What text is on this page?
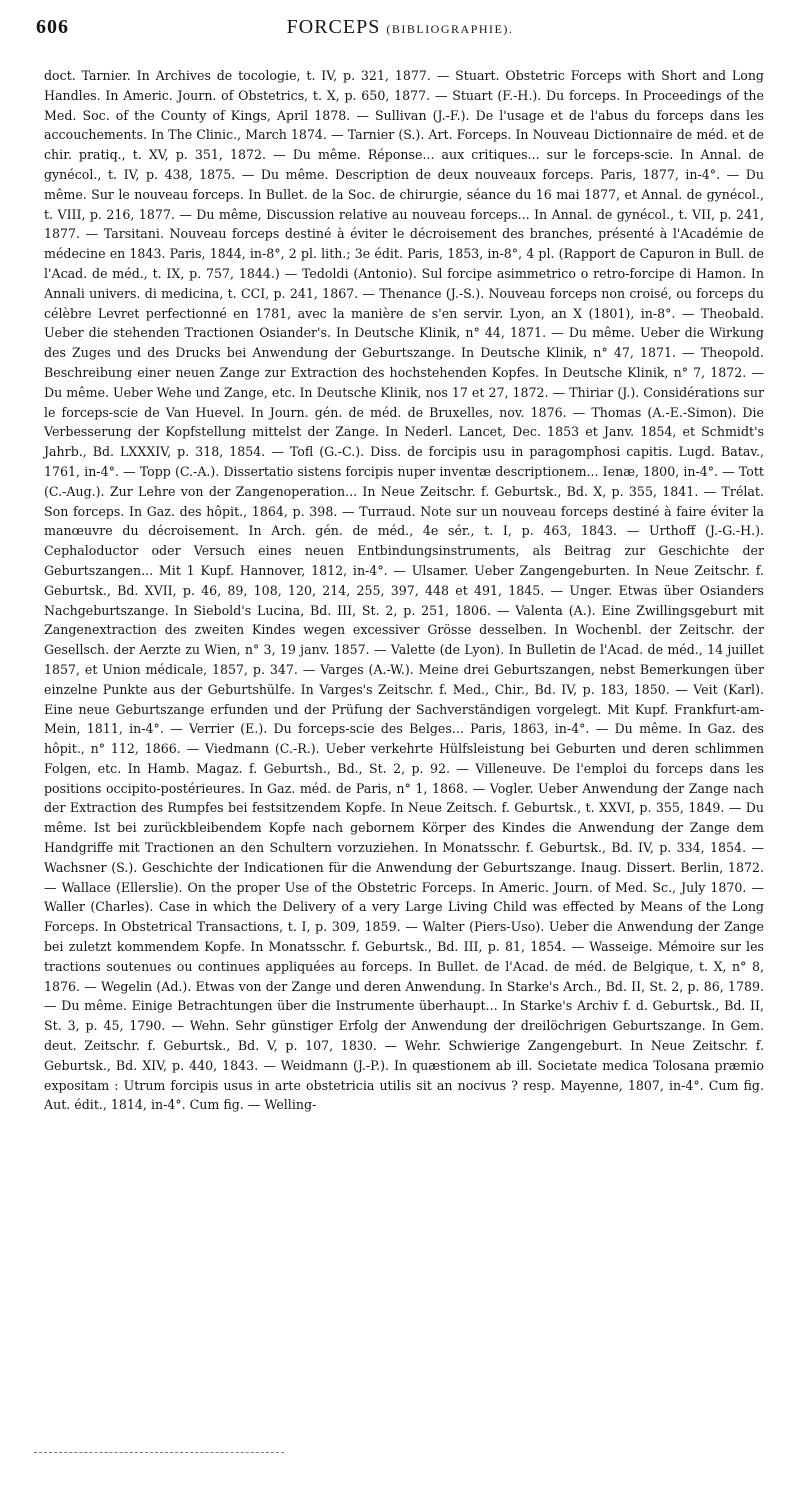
606	FORCEPS (BIBLIOGRAPHIE).

doct. Tarnier. In Archives de tocologie, t. IV, p. 321, 1877. — Stuart. Obstetric Forceps with Short and Long Handles. In Americ. Journ. of Obstetrics, t. X, p. 650, 1877. — Stuart (F.-H.). Du forceps. In Proceedings of the Med. Soc. of the County of Kings, April 1878. — Sullivan (J.-F.). De l'usage et de l'abus du forceps dans les accouchements. In The Clinic., March 1874. — Tarnier (S.). Art. Forceps. In Nouveau Dictionnaire de méd. et de chir. pratiq., t. XV, p. 351, 1872. — Du même. Réponse... aux critiques... sur le forceps-scie. In Annal. de gynécol., t. IV, p. 438, 1875. — Du même. Description de deux nouveaux forceps. Paris, 1877, in-4°. — Du même. Sur le nouveau forceps. In Bullet. de la Soc. de chirurgie, séance du 16 mai 1877, et Annal. de gynécol., t. VIII, p. 216, 1877. — Du même, Discussion relative au nouveau forceps... In Annal. de gynécol., t. VII, p. 241, 1877. — Tarsitani. Nouveau forceps destiné à éviter le décroisement des branches, présenté à l'Académie de médecine en 1843. Paris, 1844, in-8°, 2 pl. lith.; 3e édit. Paris, 1853, in-8°, 4 pl. (Rapport de Capuron in Bull. de l'Acad. de méd., t. IX, p. 757, 1844.) — Tedoldi (Antonio). Sul forcipe asimmetrico o retro-forcipe di Hamon. In Annali univers. di medicina, t. CCI, p. 241, 1867. — Thenance (J.-S.). Nouveau forceps non croisé, ou forceps du célèbre Levret perfectionné en 1781, avec la manière de s'en servir. Lyon, an X (1801), in-8°. — Theobald. Ueber die stehenden Tractionen Osiander's. In Deutsche Klinik, n° 44, 1871. — Du même. Ueber die Wirkung des Zuges und des Drucks bei Anwendung der Geburtszange. In Deutsche Klinik, n° 47, 1871. — Theopold. Beschreibung einer neuen Zange zur Extraction des hochstehenden Kopfes. In Deutsche Klinik, n° 7, 1872. — Du même. Ueber Wehe und Zange, etc. In Deutsche Klinik, nos 17 et 27, 1872. — Thiriar (J.). Considérations sur le forceps-scie de Van Huevel. In Journ. gén. de méd. de Bruxelles, nov. 1876. — Thomas (A.-E.-Simon). Die Verbesserung der Kopfstellung mittelst der Zange. In Nederl. Lancet, Dec. 1853 et Janv. 1854, et Schmidt's Jahrb., Bd. LXXXIV, p. 318, 1854. — Tofl (G.-C.). Diss. de forcipis usu in paragomphosi capitis. Lugd. Batav., 1761, in-4°. — Topp (C.-A.). Dissertatio sistens forcipis nuper inventæ descriptionem... Ienæ, 1800, in-4°. — Tott (C.-Aug.). Zur Lehre von der Zangenoperation... In Neue Zeitschr. f. Geburtsk., Bd. X, p. 355, 1841. — Trélat. Son forceps. In Gaz. des hôpit., 1864, p. 398. — Turraud. Note sur un nouveau forceps destiné à faire éviter la manœuvre du décroisement. In Arch. gén. de méd., 4e sér., t. I, p. 463, 1843. — Urthoff (J.-G.-H.). Cephaloductor oder Versuch eines neuen Entbindungsinstruments, als Beitrag zur Geschichte der Geburtszangen... Mit 1 Kupf. Hannover, 1812, in-4°. — Ulsamer. Ueber Zangengeburten. In Neue Zeitschr. f. Geburtsk., Bd. XVII, p. 46, 89, 108, 120, 214, 255, 397, 448 et 491, 1845. — Unger. Etwas über Osianders Nachgeburtszange. In Siebold's Lucina, Bd. III, St. 2, p. 251, 1806. — Valenta (A.). Eine Zwillingsgeburt mit Zangenextraction des zweiten Kindes wegen excessiver Grösse desselben. In Wochenbl. der Zeitschr. der Gesellsch. der Aerzte zu Wien, n° 3, 19 janv. 1857. — Valette (de Lyon). In Bulletin de l'Acad. de méd., 14 juillet 1857, et Union médicale, 1857, p. 347. — Varges (A.-W.). Meine drei Geburtszangen, nebst Bemerkungen über einzelne Punkte aus der Geburtshülfe. In Varges's Zeitschr. f. Med., Chir., Bd. IV, p. 183, 1850. — Veit (Karl). Eine neue Geburtszange erfunden und der Prüfung der Sachverständigen vorgelegt. Mit Kupf. Frankfurt-am-Mein, 1811, in-4°. — Verrier (E.). Du forceps-scie des Belges... Paris, 1863, in-4°. — Du même. In Gaz. des hôpit., n° 112, 1866. — Viedmann (C.-R.). Ueber verkehrte Hülfsleistung bei Geburten und deren schlimmen Folgen, etc. In Hamb. Magaz. f. Geburtsh., Bd., St. 2, p. 92. — Villeneuve. De l'emploi du forceps dans les positions occipito-postérieures. In Gaz. méd. de Paris, n° 1, 1868. — Vogler. Ueber Anwendung der Zange nach der Extraction des Rumpfes bei festsitzendem Kopfe. In Neue Zeitsch. f. Geburtsk., t. XXVI, p. 355, 1849. — Du même. Ist bei zurückbleibendem Kopfe nach gebornem Körper des Kindes die Anwendung der Zange dem Handgriffe mit Tractionen an den Schultern vorzuziehen. In Monatsschr. f. Geburtsk., Bd. IV, p. 334, 1854. — Wachsner (S.). Geschichte der Indicationen für die Anwendung der Geburtszange. Inaug. Dissert. Berlin, 1872. — Wallace (Ellerslie). On the proper Use of the Obstetric Forceps. In Americ. Journ. of Med. Sc., July 1870. — Waller (Charles). Case in which the Delivery of a very Large Living Child was effected by Means of the Long Forceps. In Obstetrical Transactions, t. I, p. 309, 1859. — Walter (Piers-Uso). Ueber die Anwendung der Zange bei zuletzt kommendem Kopfe. In Monatsschr. f. Geburtsk., Bd. III, p. 81, 1854. — Wasseige. Mémoire sur les tractions soutenues ou continues appliquées au forceps. In Bullet. de l'Acad. de méd. de Belgique, t. X, n° 8, 1876. — Wegelin (Ad.). Etwas von der Zange und deren Anwendung. In Starke's Arch., Bd. II, St. 2, p. 86, 1789. — Du même. Einige Betrachtungen über die Instrumente überhaupt... In Starke's Archiv f. d. Geburtsk., Bd. II, St. 3, p. 45, 1790. — Wehn. Sehr günstiger Erfolg der Anwendung der dreilöchrigen Geburtszange. In Gem. deut. Zeitschr. f. Geburtsk., Bd. V, p. 107, 1830. — Wehr. Schwierige Zangengeburt. In Neue Zeitschr. f. Geburtsk., Bd. XIV, p. 440, 1843. — Weidmann (J.-P.). In quæstionem ab ill. Societate medica Tolosana præmio expositam : Utrum forcipis usus in arte obstetricia utilis sit an nocivus ? resp. Mayenne, 1807, in-4°. Cum fig. Aut. édit., 1814, in-4°. Cum fig. — Welling-
